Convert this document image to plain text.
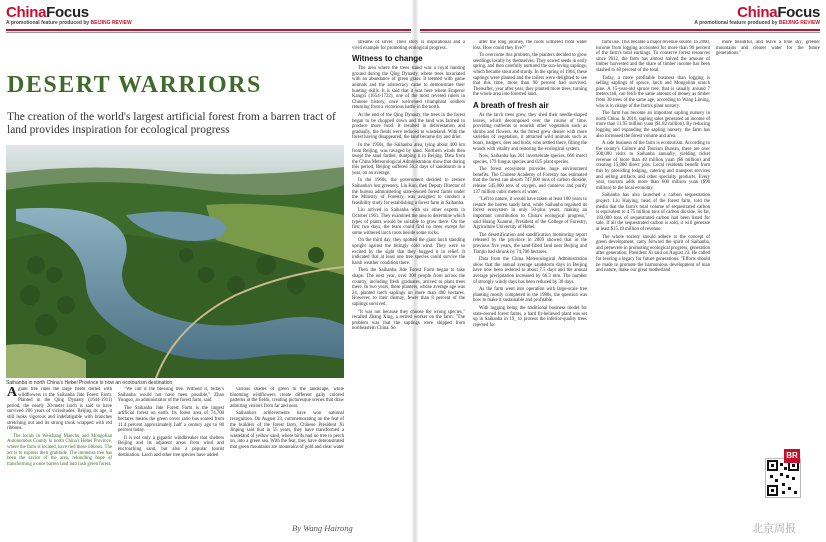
ChinaFocus
A promotional feature produced by BEIJING REVIEW
ChinaFocus
A promotional feature produced by BEIJING REVIEW
DESERT WARRIORS

The creation of the world's largest artificial forest from a barren tract of land provides inspiration for ecological progress

Saihanba in north China's Hebei Province is now an ecotourism destination

Agiant tree rules the large fields dotted with wildflowers in the Saihanba Jide Forest Farm. Planted in the Qing Dynasty (1644-1911) period, the nearly 20-meter larch is said to have survived 200 years of vicissitudes. Beijing its age, it still looks vigorous and indefatigable with branches stretching out and its strong trunk wrapped with red ribbons.

The locals in Weichang Manchu and Mongolian Autonomous County in north China's Hebei Province, where the farm is located, have tied these ribbons. The act is to express their gratitude. The immense tree has been the savior of the area, rekindling hope of transforming a once barren land into lush green forest.

"We call it the blessing tree. Without it, today's Saihanba would not have been possible," Zhao Yunguo, an administrator of the forest farm, said.

The Saihanba Jide Forest Farm is the largest artificial forest on earth. Its forest area of 74,700 hectares means the green cover ratio has soared from 11.4 percent approximately half a century ago to 80 percent today.

It is not only a gigantic windbreaker that shelters Beijing and its adjacent areas from wind and encroaching sand, but also a popular tourist destination. Larch and other tree species have added

various shades of green to the landscape, while blooming wildflowers create different gaily colored patterns in the fields, creating picturesque scenes that draw admiring visitors from far and near.

Saihanba's achievements have won national recognition. On August 23, commemorating on the feat of the builders of the forest farm, Chinese President Xi Jinping said that in 55 years, they have transformed a wasteland of yellow sand, where birds had no tree to perch on, into a green sea. With the feat, they have demonstrated that green mountains are mountains of gold and clear water

By Wang Hairong

streams of silver. Their story is inspirational and a vivid example for promoting ecological progress.

Witness to change

The area where the trees stand was a royal hunting ground during the Qing Dynasty, where trees luxuriated with an abundance of green grass. It teemed with game animals and the aristocracy came to demonstrate their hunting skills. It is said that it was here where Emperor Kangxi (1654-1722), one of the most revered rulers in Chinese history, once welcomed triumphant soldiers returning from a victorious battle in the north.

At the end of the Qing Dynasty, the trees in the forest began to be chopped down and the land was farmed to produce more food. It resulted in deforestation and gradually, the fields were reduced to wasteland. With the forest having disappeared, the land became dry and drier.

In the 1950s, the Saihanba area, lying about 400 km from Beijing, was ravaged by sand. Northern winds then swept the sand farther, dumping it in Beijing. Data from the China Meteorological Administration show that during this period, Beijing suffered 56.2 days of sandstorm in a year, on an average.

In the 1960s, the government decided to restore Saihanba's lost greenery. Liu Kun, then Deputy Director of the bureau administering state-owned forest farms under the Ministry of Forestry, was assigned to conduct a feasibility study for establishing a forest farm in Saihanba.

Liu arrived in Saihanba with six other experts in October 1961. They examined the area to determine which types of plants would be suitable to grow there. On the first two days, the team could find no trees except for some withered larch roots beside some rocks.

On the third day, they spotted the giant larch standing upright against the bitingly cold wind. They were so excited by the sight that they hugged it in relief. It indicated that at least one tree species could survive the harsh weather condition there.

Then the Saihanba Jide Forest Farm began to take shape. The next year, over 300 people from across the country, including fresh graduates, arrived to plant trees there. In two years, these planters, whose average age was 24, planted larch saplings on more than 400 hectares. However, to their dismay, fewer than 8 percent of the saplings survived.

"It was not because they choose the wrong species," recalled Zhang Xing, a retired worker on the farm. "The problem was that the saplings were shipped from northeastern China. So

after the long journey, the roots withered from water loss. How could they live?"

To overcome this problem, the planters decided to grow seedlings locally by themselves. They sowed seeds in early spring, and then carefully nurtured the sun-loving saplings, which became stout and sturdy. In the spring of 1964, these saplings were planted and the toilers were delighted to see that this time, more than 90 percent had survived. Thereafter, year after year, they planted more trees, turning the whole area into forested land.

A breath of fresh air

As the larch trees grew, they shed their needle-shaped leaves, which decomposed over the course of time, providing nutrients to nourish other vegetation such as shrubs and flowers. As the forest grew denser with more varieties of vegetation, it attracted wild animals such as boars, badgers, deer and birds, who settled there, filling the woods with vitality and restoring the ecological system.

Now, Saihanba has 261 invertebrate species, 660 insect species, 179 fungus species and 625 plant species.

The forest ecosystem provides huge environment benefits. The Chinese Academy of Forestry has estimated that the forest can absorb 747,000 tons of carbon dioxide, release 545,000 tons of oxygen, and conserve and purify 137 million cubic meters of water.

"Left to nature, it would have taken at least 100 years to restore the barren sandy land, while Saihanba regained its forest ecosystem in only 50-plus years, making an important contribution to China's ecological progress," said Huang Xuanrui, President of the College of Forestry, Agriculture University of Hebei.

The desertification and sandification monitoring report released by the province in 2009 showed that in the previous five years, the sand-filled land near Beijing and Tianjin had shrunk by 74,700 hectares.

Data from the China Meteorological Administration show that the annual average sandstorm days in Beijing have now been reduced to about 7.5 days and the annual average precipitation increased by 66.3 mm. The number of strongly windy days has been reduced by 30 days.

As the farm went into operation with large-scale tree planting mostly completed in the 1980s, the question was how to make it sustainable and profitable.

With logging being the traditional business model for state-owned forest farms, a hard fir-believed plant was set up in Saihanba in 19_ to process the inferior-quality trees rejected for

farm use. This became a major revenue source. In 2000, income from logging accounted for more than 90 percent of the farm's total earnings. To conserve forest resources since 2012, the farm has almost halved the amount of timber harvested and the share of timber income has been slashed to 40 percent of the total.

Today, a more profitable business than logging is selling saplings of spruce, larch and Mongolian scotch pine. A 15-year-old spruce tree, that is usually around 7 meters tall, can fetch the same amount of money as timber from 30 trees of the same age, according to Wang Liming, who is in charge of the farm's plant nursery.

The farm has become an important sapling nursery in north China. In 2016, sapling sales generated an income of more than 11.95 million yuan ($1.82 million). By reducing logging and expanding the sapling nursery, the farm has also increased the forest volume and area.

A side business of the farm is ecotourism. According to the county's Culture and Tourism Bureau, there are over 500,000 visits to Saihanba annually, yielding ticket revenue of more than 40 million yuan ($6 million) and creating 15,000 direct jobs. Local residents benefit from this by providing lodging, catering and transport services and selling artifacts and other specialty products. Every year, tourism adds more than 600 million yuan ($90 million) to the local economy.

Saihanba has also launched a carbon sequestration project. Liu Haiying, head of the forest farm, told the media that the farm's total volume of sequestrated carbon is equivalent to 4.75 million tons of carbon dioxide. So far, 183,000 tons of sequestrated carbon had been listed for sale. If all the sequestrated carbon is sold, it will generate at least $15.19 million of revenue.

The whole society should adhere to the concept of green development, carry forward the spirit of Saihanba, and persevere in promoting ecological progress, generation after generation, President Xi said on August 23. He called for leaving a legacy for future generations. "Efforts should be made to promote the harmonious development of man and nature, make our great motherland

more beautiful, and leave a blue sky, greener mountains and clearer water for the future generations."

BR
北京周报
